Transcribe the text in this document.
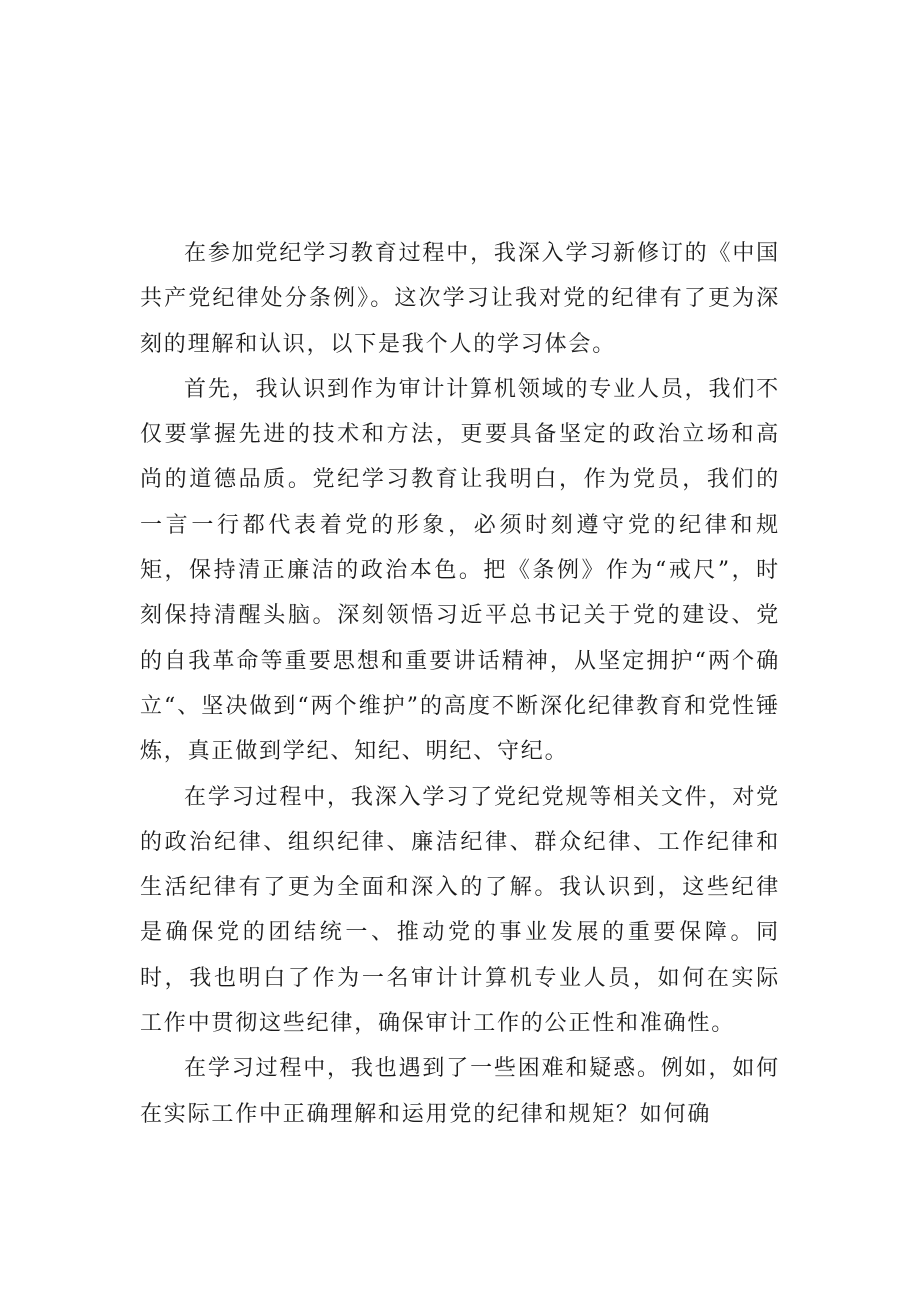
在参加党纪学习教育过程中，我深入学习新修订的《中国共产党纪律处分条例》。这次学习让我对党的纪律有了更为深刻的理解和认识，以下是我个人的学习体会。

首先，我认识到作为审计计算机领域的专业人员，我们不仅要掌握先进的技术和方法，更要具备坚定的政治立场和高尚的道德品质。党纪学习教育让我明白，作为党员，我们的一言一行都代表着党的形象，必须时刻遵守党的纪律和规矩，保持清正廉洁的政治本色。把《条例》作为“戒尺”，时刻保持清醒头脑。深刻领悟习近平总书记关于党的建设、党的自我革命等重要思想和重要讲话精神，从坚定拥护“两个确立“、坚决做到“两个维护”的高度不断深化纪律教育和党性锤炼，真正做到学纪、知纪、明纪、守纪。

在学习过程中，我深入学习了党纪党规等相关文件，对党的政治纪律、组织纪律、廉洁纪律、群众纪律、工作纪律和生活纪律有了更为全面和深入的了解。我认识到，这些纪律是确保党的团结统一、推动党的事业发展的重要保障。同时，我也明白了作为一名审计计算机专业人员，如何在实际工作中贯彻这些纪律，确保审计工作的公正性和准确性。

在学习过程中，我也遇到了一些困难和疑惑。例如，如何在实际工作中正确理解和运用党的纪律和规矩？如何确
